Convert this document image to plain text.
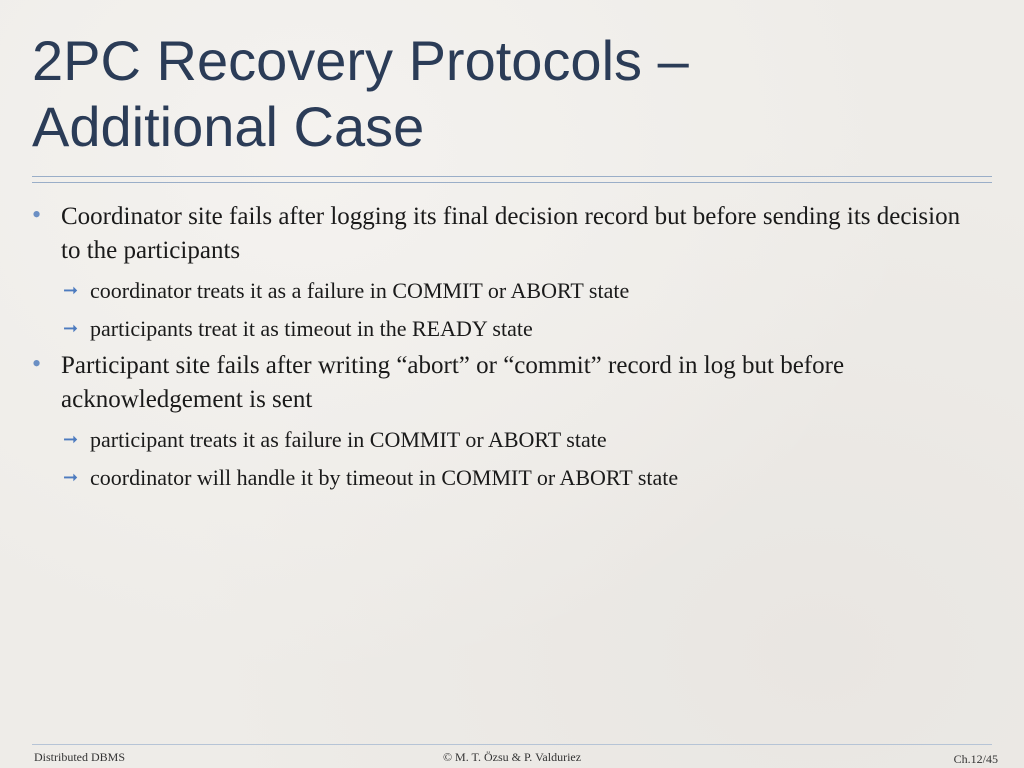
2PC Recovery Protocols –
Additional Case
• Coordinator site fails after logging its final decision record but before sending its decision to the participants
➞ coordinator treats it as a failure in COMMIT or ABORT state
➞ participants treat it as timeout in the READY state
• Participant site fails after writing “abort” or “commit” record in log but before acknowledgement is sent
➞ participant treats it as failure in COMMIT or ABORT state
➞ coordinator will handle it by timeout in COMMIT or ABORT state
Distributed DBMS	© M. T. Özsu & P. Valduriez	Ch.12/45
